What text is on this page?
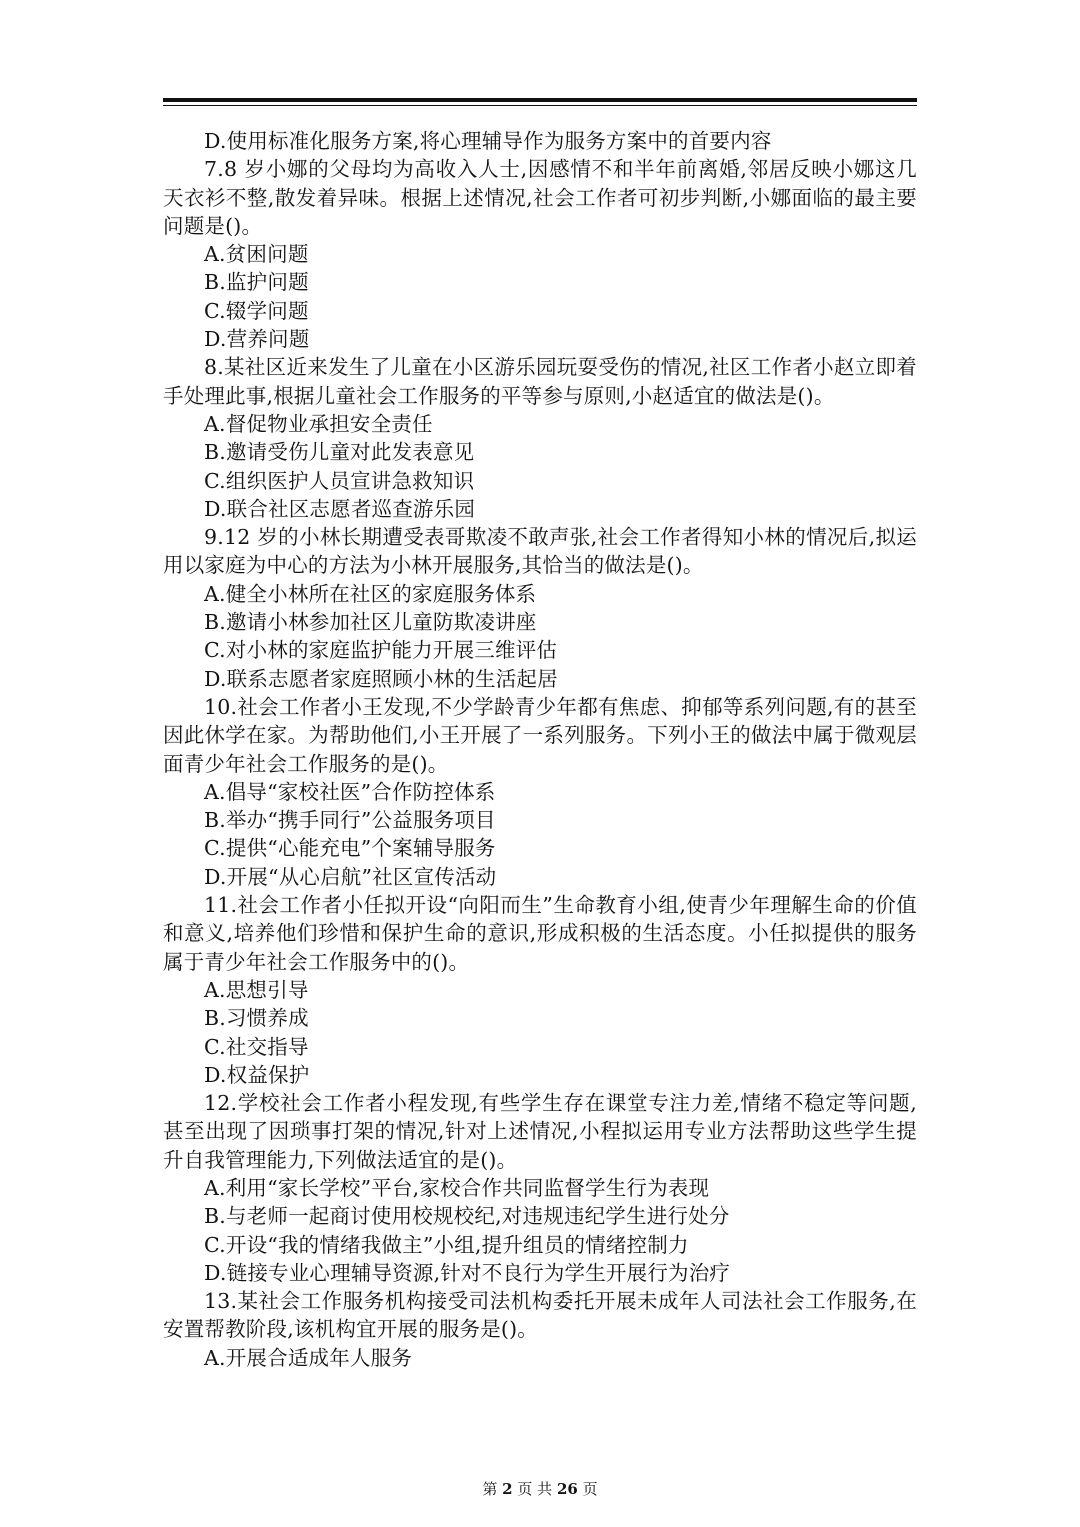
D.使用标准化服务方案,将心理辅导作为服务方案中的首要内容

7.8 岁小娜的父母均为高收入人士,因感情不和半年前离婚,邻居反映小娜这几天衣衫不整,散发着异味。根据上述情况,社会工作者可初步判断,小娜面临的最主要问题是()。

A.贫困问题

B.监护问题

C.辍学问题

D.营养问题

8.某社区近来发生了儿童在小区游乐园玩耍受伤的情况,社区工作者小赵立即着手处理此事,根据儿童社会工作服务的平等参与原则,小赵适宜的做法是()。

A.督促物业承担安全责任

B.邀请受伤儿童对此发表意见

C.组织医护人员宣讲急救知识

D.联合社区志愿者巡查游乐园

9.12 岁的小林长期遭受表哥欺凌不敢声张,社会工作者得知小林的情况后,拟运用以家庭为中心的方法为小林开展服务,其恰当的做法是()。

A.健全小林所在社区的家庭服务体系

B.邀请小林参加社区儿童防欺凌讲座

C.对小林的家庭监护能力开展三维评估

D.联系志愿者家庭照顾小林的生活起居

10.社会工作者小王发现,不少学龄青少年都有焦虑、抑郁等系列问题,有的甚至因此休学在家。为帮助他们,小王开展了一系列服务。下列小王的做法中属于微观层面青少年社会工作服务的是()。

A.倡导“家校社医”合作防控体系

B.举办“携手同行”公益服务项目

C.提供“心能充电”个案辅导服务

D.开展“从心启航”社区宣传活动

11.社会工作者小任拟开设“向阳而生”生命教育小组,使青少年理解生命的价值和意义,培养他们珍惜和保护生命的意识,形成积极的生活态度。小任拟提供的服务属于青少年社会工作服务中的()。

A.思想引导

B.习惯养成

C.社交指导

D.权益保护

12.学校社会工作者小程发现,有些学生存在课堂专注力差,情绪不稳定等问题,甚至出现了因琐事打架的情况,针对上述情况,小程拟运用专业方法帮助这些学生提升自我管理能力,下列做法适宜的是()。

A.利用“家长学校”平台,家校合作共同监督学生行为表现

B.与老师一起商讨使用校规校纪,对违规违纪学生进行处分

C.开设“我的情绪我做主”小组,提升组员的情绪控制力

D.链接专业心理辅导资源,针对不良行为学生开展行为治疗

13.某社会工作服务机构接受司法机构委托开展未成年人司法社会工作服务,在安置帮教阶段,该机构宜开展的服务是()。

A.开展合适成年人服务

第 2 页 共 26 页
